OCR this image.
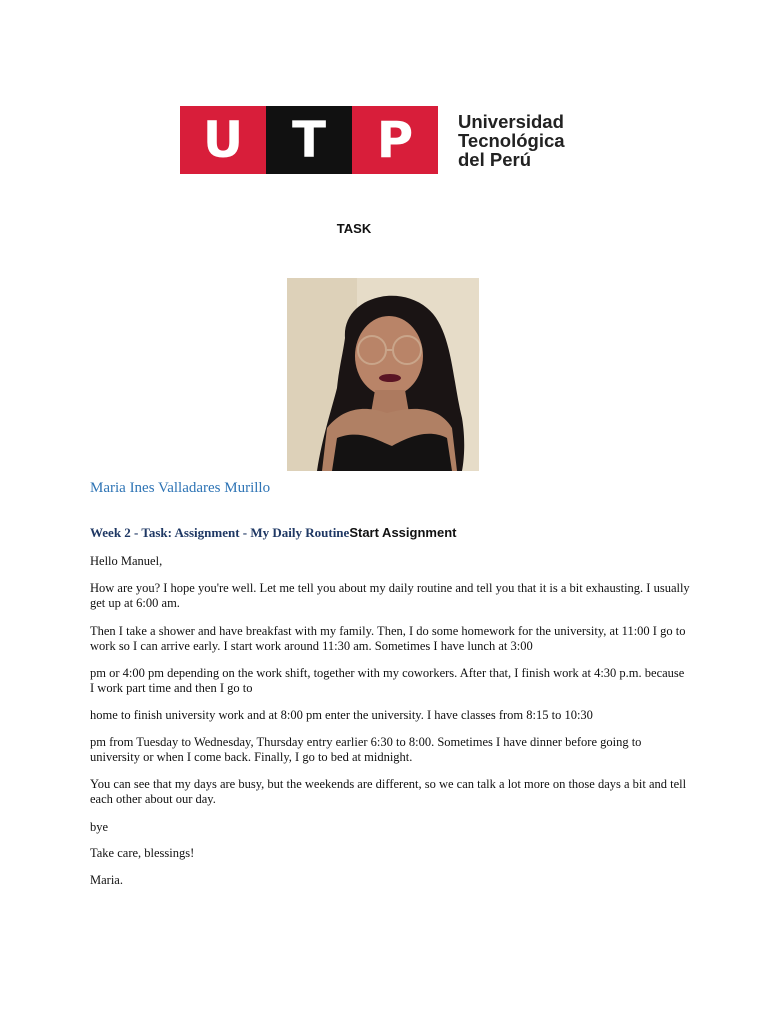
U T P Universidad
Tecnológica
del Perú
TASK
Maria Ines Valladares Murillo
Week 2 - Task: Assignment - My Daily RoutineStart Assignment

Hello Manuel,

How are you? I hope you're well. Let me tell you about my daily routine and tell you that it is a bit exhausting. I usually get up at 6:00 am.

Then I take a shower and have breakfast with my family. Then, I do some homework for the university, at 11:00 I go to work so I can arrive early. I start work around 11:30 am. Sometimes I have lunch at 3:00

pm or 4:00 pm depending on the work shift, together with my coworkers. After that, I finish work at 4:30 p.m. because I work part time and then I go to

home to finish university work and at 8:00 pm enter the university. I have classes from 8:15 to 10:30

pm from Tuesday to Wednesday, Thursday entry earlier 6:30 to 8:00. Sometimes I have dinner before going to university or when I come back. Finally, I go to bed at midnight.

You can see that my days are busy, but the weekends are different, so we can talk a lot more on those days a bit and tell each other about our day.

bye

Take care, blessings!

Maria.
